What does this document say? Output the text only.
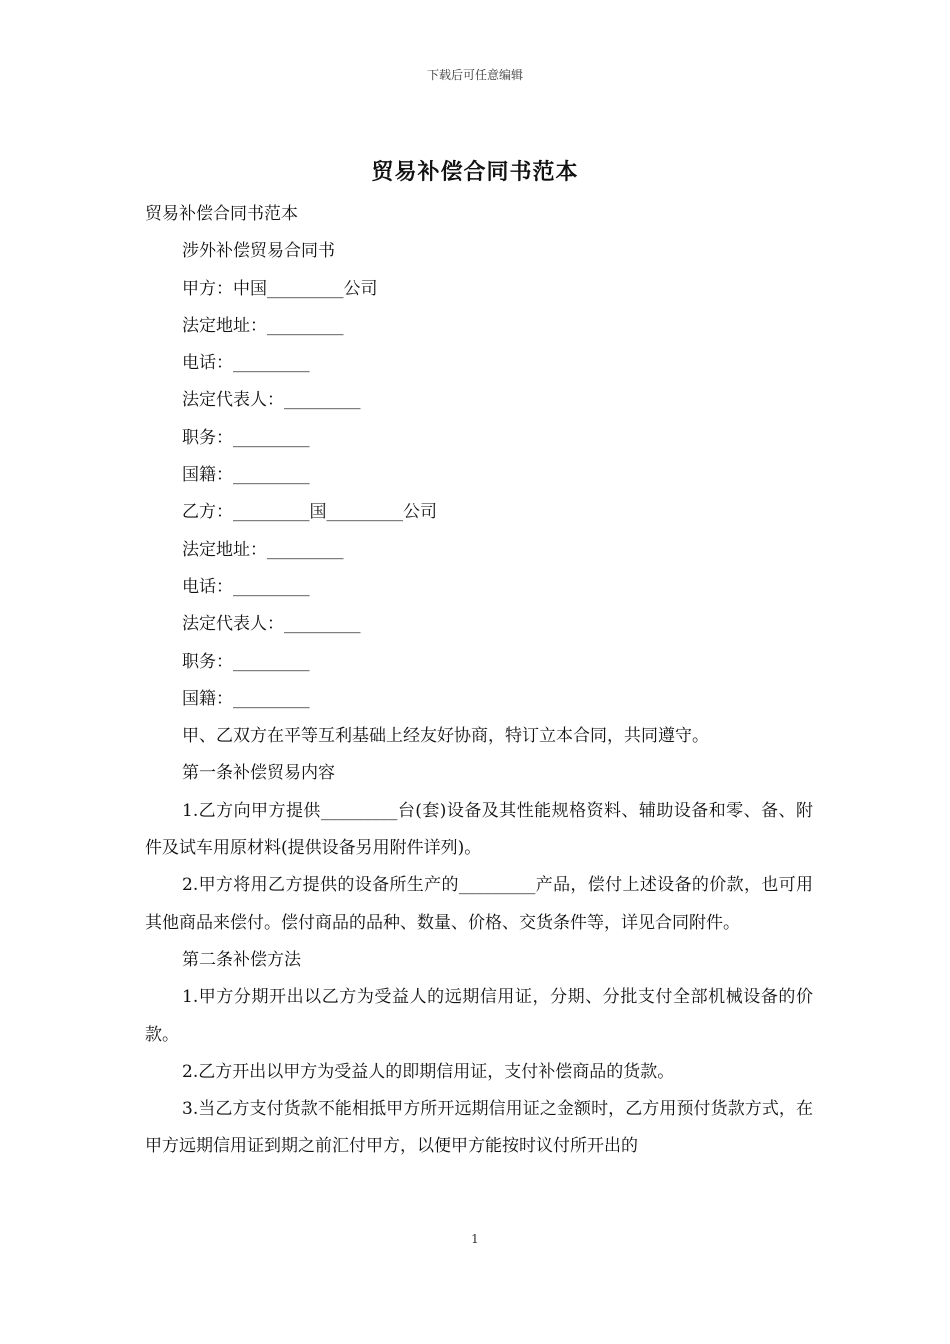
下载后可任意编辑
贸易补偿合同书范本
贸易补偿合同书范本
涉外补偿贸易合同书
甲方：中国_________公司
法定地址：_________
电话：_________
法定代表人：_________
职务：_________
国籍：_________
乙方：_________国_________公司
法定地址：_________
电话：_________
法定代表人：_________
职务：_________
国籍：_________

甲、乙双方在平等互利基础上经友好协商，特订立本合同，共同遵守。

第一条补偿贸易内容

1.乙方向甲方提供_________台(套)设备及其性能规格资料、辅助设备和零、备、附件及试车用原材料(提供设备另用附件详列)。

2.甲方将用乙方提供的设备所生产的_________产品，偿付上述设备的价款，也可用其他商品来偿付。偿付商品的品种、数量、价格、交货条件等，详见合同附件。

第二条补偿方法

1.甲方分期开出以乙方为受益人的远期信用证，分期、分批支付全部机械设备的价款。

2.乙方开出以甲方为受益人的即期信用证，支付补偿商品的货款。

3.当乙方支付货款不能相抵甲方所开远期信用证之金额时，乙方用预付货款方式，在甲方远期信用证到期之前汇付甲方，以便甲方能按时议付所开出的

1
